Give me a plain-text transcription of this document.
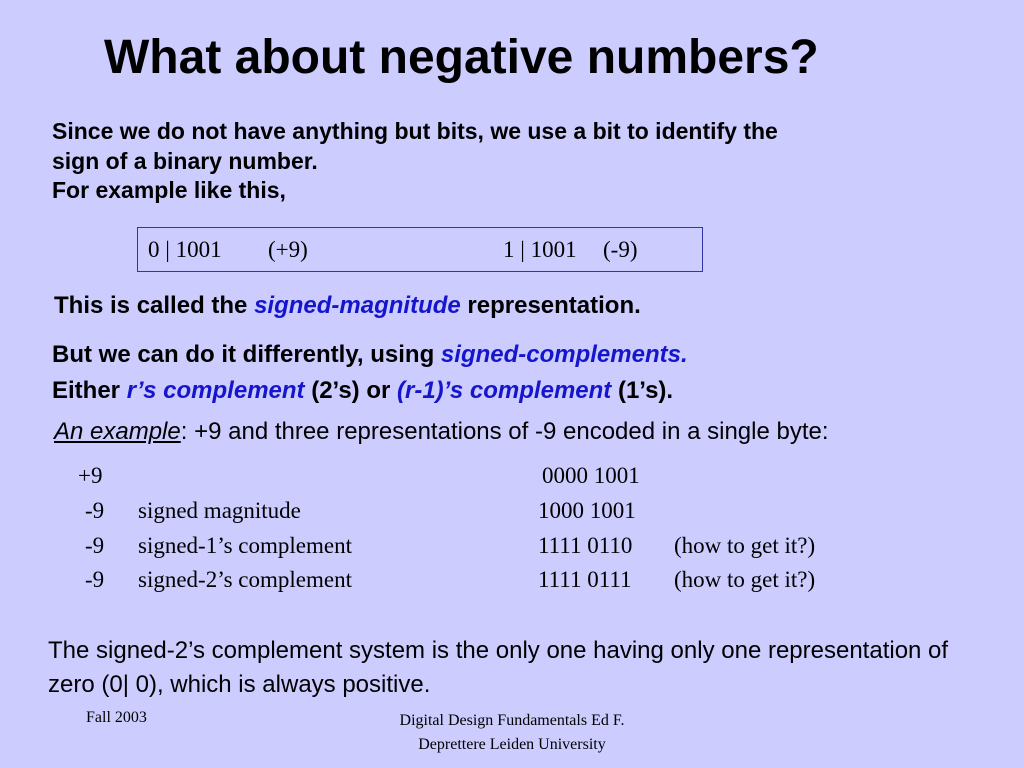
What about negative numbers?
Since we do not have anything but bits, we use a bit to identify the
sign of a binary number.
For example like this,
0 | 1001 (+9)	1 | 1001 (-9)
This is called the signed-magnitude representation.
But we can do it differently, using signed-complements.
Either r’s complement (2’s) or (r-1)’s complement (1’s).
An example: +9 and three representations of -9 encoded in a single byte:
+9	0000 1001
-9 signed magnitude	1000 1001
-9 signed-1’s complement	1111 0110 (how to get it?)
-9 signed-2’s complement	1111 0111 (how to get it?)
The signed-2’s complement system is the only one having only one representation of zero (0| 0), which is always positive.
Fall 2003	Digital Design Fundamentals Ed F.
Deprettere Leiden University
